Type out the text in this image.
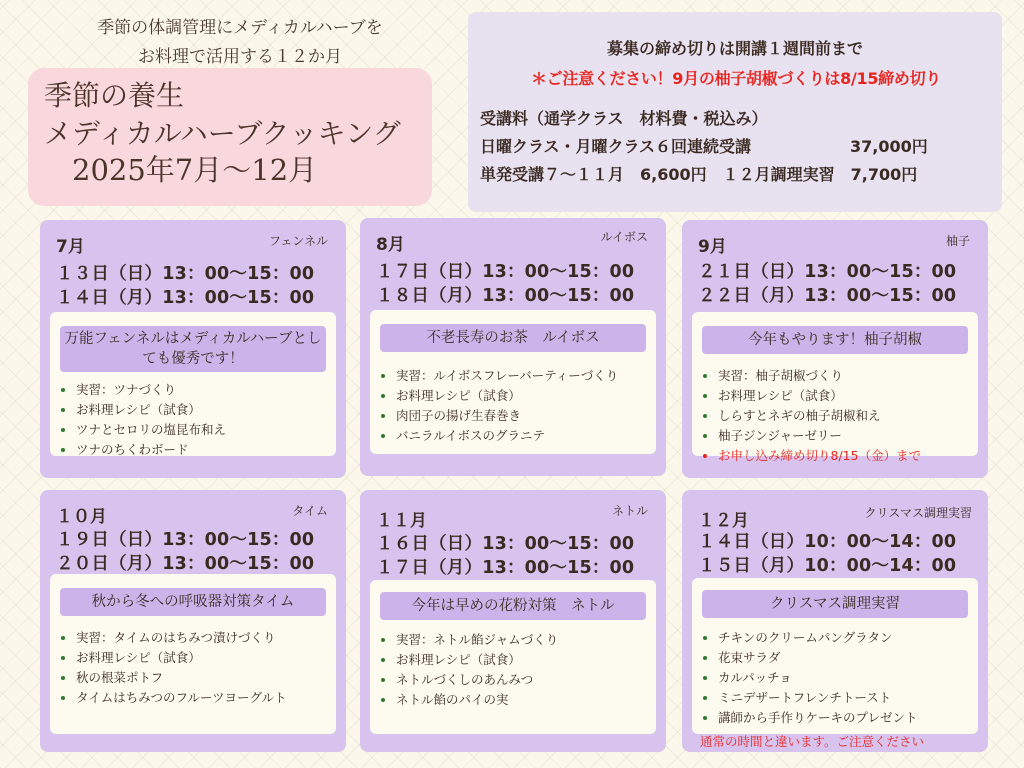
季節の体調管理にメディカルハーブを
お料理で活用する１２か月
季節の養生
メディカルハーブクッキング
2025年7月～12月
募集の締め切りは開講１週間前まで
＊ご注意ください！9月の柚子胡椒づくりは8/15締め切り
受講料（通学クラス　材料費・税込み）
日曜クラス・月曜クラス６回連続受講	37,000円
単発受講７～１１月　6,600円　１２月調理実習　7,700円
7月	フェンネル
１３日（日）13：00～15：00
１４日（月）13：00～15：00
万能フェンネルはメディカルハーブとしても優秀です！
• 実習：ツナづくり
• お料理レシピ（試食）
• ツナとセロリの塩昆布和え
• ツナのちくわボード
8月	ルイボス
１７日（日）13：00～15：00
１８日（月）13：00～15：00
不老長寿のお茶　ルイボス
• 実習：ルイボスフレーバーティーづくり
• お料理レシピ（試食）
• 肉団子の揚げ生春巻き
• バニラルイボスのグラニテ
9月	柚子
２１日（日）13：00～15：00
２２日（月）13：00～15：00
今年もやります！柚子胡椒
• 実習：柚子胡椒づくり
• お料理レシピ（試食）
• しらすとネギの柚子胡椒和え
• 柚子ジンジャーゼリー
• お申し込み締め切り8/15（金）まで
１０月	タイム
１９日（日）13：00～15：00
２０日（月）13：00～15：00
秋から冬への呼吸器対策タイム
• 実習：タイムのはちみつ漬けづくり
• お料理レシピ（試食）
• 秋の根菜ポトフ
• タイムはちみつのフルーツヨーグルト
１１月	ネトル
１６日（日）13：00～15：00
１７日（月）13：00～15：00
今年は早めの花粉対策　ネトル
• 実習：ネトル餡ジャムづくり
• お料理レシピ（試食）
• ネトルづくしのあんみつ
• ネトル餡のパイの実
１２月	クリスマス調理実習
１４日（日）10：00～14：00
１５日（月）10：00～14：00
クリスマス調理実習
• チキンのクリームパングラタン
• 花束サラダ
• カルパッチョ
• ミニデザートフレンチトースト
• 講師から手作りケーキのプレゼント
通常の時間と違います。ご注意ください
